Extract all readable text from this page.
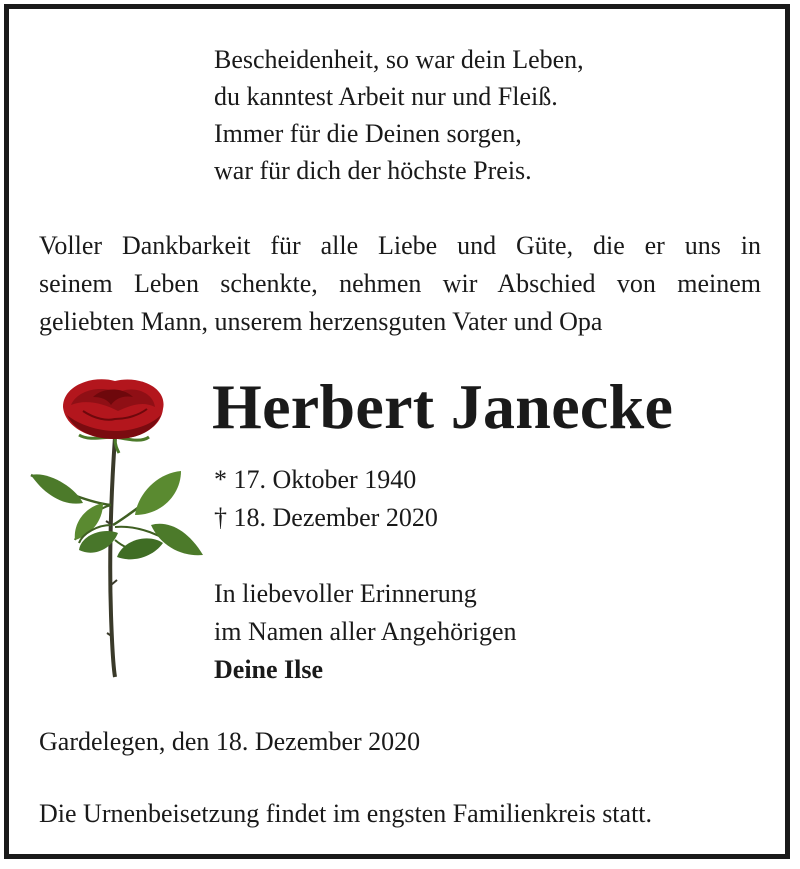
Bescheidenheit, so war dein Leben,
du kanntest Arbeit nur und Fleiß.
Immer für die Deinen sorgen,
war für dich der höchste Preis.
Voller Dankbarkeit für alle Liebe und Güte, die er uns in
seinem Leben schenkte, nehmen wir Abschied von meinem
geliebten Mann, unserem herzensguten Vater und Opa
Herbert Janecke
* 17. Oktober 1940
† 18. Dezember 2020
In liebevoller Erinnerung
im Namen aller Angehörigen
Deine Ilse
Gardelegen, den 18. Dezember 2020
Die Urnenbeisetzung findet im engsten Familienkreis statt.
